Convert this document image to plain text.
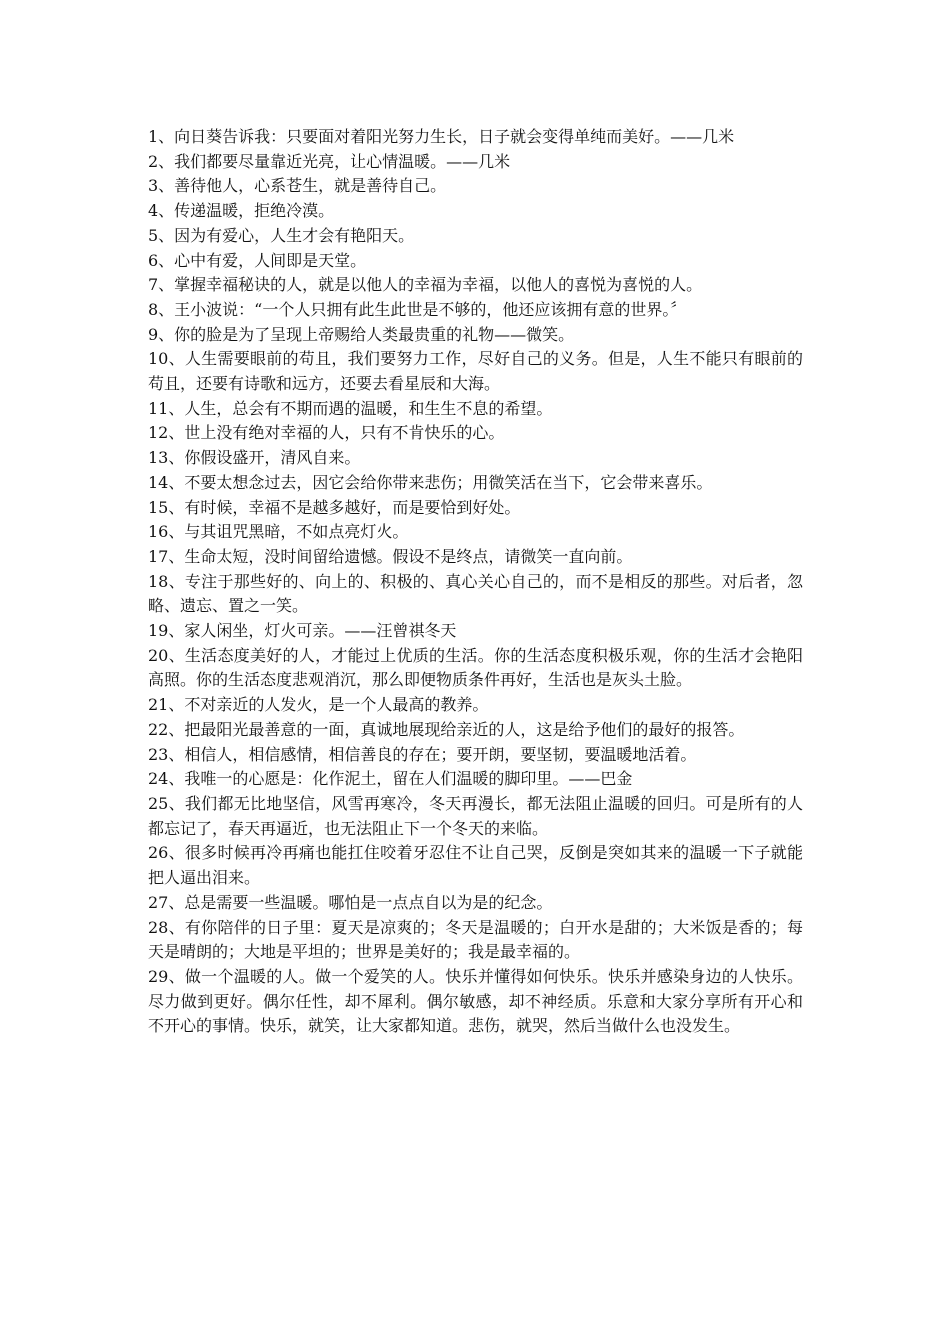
1、向日葵告诉我：只要面对着阳光努力生长，日子就会变得单纯而美好。——几米
2、我们都要尽量靠近光亮，让心情温暖。——几米
3、善待他人，心系苍生，就是善待自己。
4、传递温暖，拒绝冷漠。
5、因为有爱心，人生才会有艳阳天。
6、心中有爱，人间即是天堂。
7、掌握幸福秘诀的人，就是以他人的幸福为幸福，以他人的喜悦为喜悦的人。
8、王小波说：“一个人只拥有此生此世是不够的，他还应该拥有意的世界。〞
9、你的脸是为了呈现上帝赐给人类最贵重的礼物——微笑。
10、人生需要眼前的苟且，我们要努力工作，尽好自己的义务。但是，人生不能只有眼前的苟且，还要有诗歌和远方，还要去看星辰和大海。
11、人生，总会有不期而遇的温暖，和生生不息的希望。
12、世上没有绝对幸福的人，只有不肯快乐的心。
13、你假设盛开，清风自来。
14、不要太想念过去，因它会给你带来悲伤；用微笑活在当下，它会带来喜乐。
15、有时候，幸福不是越多越好，而是要恰到好处。
16、与其诅咒黑暗，不如点亮灯火。
17、生命太短，没时间留给遗憾。假设不是终点，请微笑一直向前。
18、专注于那些好的、向上的、积极的、真心关心自己的，而不是相反的那些。对后者，忽略、遗忘、置之一笑。
19、家人闲坐，灯火可亲。——汪曾祺冬天
20、生活态度美好的人，才能过上优质的生活。你的生活态度积极乐观，你的生活才会艳阳高照。你的生活态度悲观消沉，那么即便物质条件再好，生活也是灰头土脸。
21、不对亲近的人发火，是一个人最高的教养。
22、把最阳光最善意的一面，真诚地展现给亲近的人，这是给予他们的最好的报答。
23、相信人，相信感情，相信善良的存在；要开朗，要坚韧，要温暖地活着。
24、我唯一的心愿是：化作泥土，留在人们温暖的脚印里。——巴金
25、我们都无比地坚信，风雪再寒冷，冬天再漫长，都无法阻止温暖的回归。可是所有的人都忘记了，春天再逼近，也无法阻止下一个冬天的来临。
26、很多时候再冷再痛也能扛住咬着牙忍住不让自己哭，反倒是突如其来的温暖一下子就能把人逼出泪来。
27、总是需要一些温暖。哪怕是一点点自以为是的纪念。
28、有你陪伴的日子里：夏天是凉爽的；冬天是温暖的；白开水是甜的；大米饭是香的；每天是晴朗的；大地是平坦的；世界是美好的；我是最幸福的。
29、做一个温暖的人。做一个爱笑的人。快乐并懂得如何快乐。快乐并感染身边的人快乐。尽力做到更好。偶尔任性，却不犀利。偶尔敏感，却不神经质。乐意和大家分享所有开心和不开心的事情。快乐，就笑，让大家都知道。悲伤，就哭，然后当做什么也没发生。
